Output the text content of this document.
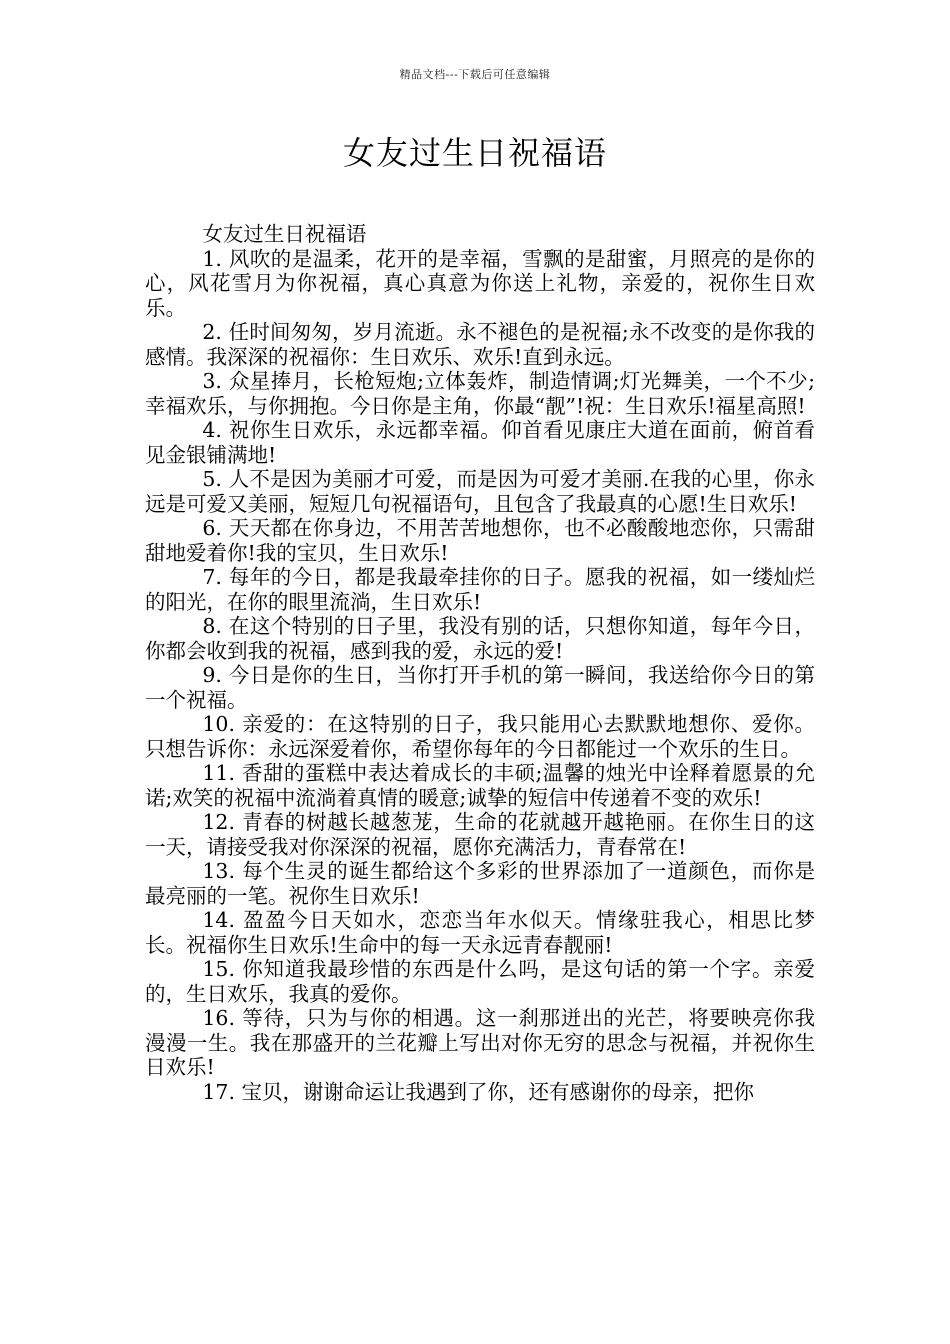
精品文档---下载后可任意编辑
女友过生日祝福语

女友过生日祝福语

1. 风吹的是温柔，花开的是幸福，雪飘的是甜蜜，月照亮的是你的心，风花雪月为你祝福，真心真意为你送上礼物，亲爱的，祝你生日欢乐。

2. 任时间匆匆，岁月流逝。永不褪色的是祝福;永不改变的是你我的感情。我深深的祝福你：生日欢乐、欢乐!直到永远。

3. 众星捧月，长枪短炮;立体轰炸，制造情调;灯光舞美，一个不少;幸福欢乐，与你拥抱。今日你是主角，你最“靓”!祝：生日欢乐!福星高照!

4. 祝你生日欢乐，永远都幸福。仰首看见康庄大道在面前，俯首看见金银铺满地!

5. 人不是因为美丽才可爱，而是因为可爱才美丽.在我的心里，你永远是可爱又美丽，短短几句祝福语句，且包含了我最真的心愿!生日欢乐!

6. 天天都在你身边，不用苦苦地想你，也不必酸酸地恋你，只需甜甜地爱着你!我的宝贝，生日欢乐!

7. 每年的今日，都是我最牵挂你的日子。愿我的祝福，如一缕灿烂的阳光，在你的眼里流淌，生日欢乐!

8. 在这个特别的日子里，我没有别的话，只想你知道，每年今日，你都会收到我的祝福，感到我的爱，永远的爱!

9. 今日是你的生日，当你打开手机的第一瞬间，我送给你今日的第一个祝福。

10. 亲爱的：在这特别的日子，我只能用心去默默地想你、爱你。只想告诉你：永远深爱着你，希望你每年的今日都能过一个欢乐的生日。

11. 香甜的蛋糕中表达着成长的丰硕;温馨的烛光中诠释着愿景的允诺;欢笑的祝福中流淌着真情的暖意;诚挚的短信中传递着不变的欢乐!

12. 青春的树越长越葱茏，生命的花就越开越艳丽。在你生日的这一天，请接受我对你深深的祝福，愿你充满活力，青春常在!

13. 每个生灵的诞生都给这个多彩的世界添加了一道颜色，而你是最亮丽的一笔。祝你生日欢乐!

14. 盈盈今日天如水，恋恋当年水似天。情缘驻我心，相思比梦长。祝福你生日欢乐!生命中的每一天永远青春靓丽!

15. 你知道我最珍惜的东西是什么吗，是这句话的第一个字。亲爱的，生日欢乐，我真的爱你。

16. 等待，只为与你的相遇。这一刹那迸出的光芒，将要映亮你我漫漫一生。我在那盛开的兰花瓣上写出对你无穷的思念与祝福，并祝你生日欢乐!

17. 宝贝，谢谢命运让我遇到了你，还有感谢你的母亲，把你
